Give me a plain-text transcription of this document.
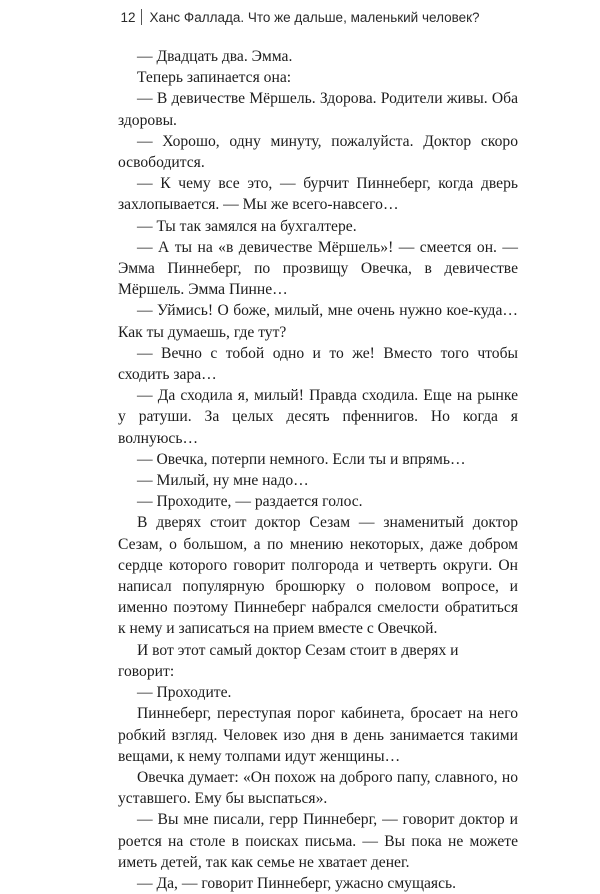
12 Ханс Фаллада. Что же дальше, маленький человек?

— Двадцать два. Эмма.

Теперь запинается она:

— В девичестве Мёршель. Здорова. Родители живы. Оба здоровы.

— Хорошо, одну минуту, пожалуйста. Доктор скоро освободится.

— К чему все это, — бурчит Пиннеберг, когда дверь захлопывается. — Мы же всего-навсего…

— Ты так замялся на бухгалтере.

— А ты на «в девичестве Мёршель»! — смеется он. — Эмма Пиннеберг, по прозвищу Овечка, в девичестве Мёршель. Эмма Пинне…

— Уймись! О боже, милый, мне очень нужно кое-куда… Как ты думаешь, где тут?

— Вечно с тобой одно и то же! Вместо того чтобы сходить зара…

— Да сходила я, милый! Правда сходила. Еще на рынке у ратуши. За целых десять пфеннигов. Но когда я волнуюсь…

— Овечка, потерпи немного. Если ты и впрямь…

— Милый, ну мне надо…

— Проходите, — раздается голос.

В дверях стоит доктор Сезам — знаменитый доктор Сезам, о большом, а по мнению некоторых, даже добром сердце которого говорит полгорода и четверть округи. Он написал популярную брошюрку о половом вопросе, и именно поэтому Пиннеберг набрался смелости обратиться к нему и записаться на прием вместе с Овечкой.

И вот этот самый доктор Сезам стоит в дверях и говорит:

— Проходите.

Пиннеберг, переступая порог кабинета, бросает на него робкий взгляд. Человек изо дня в день занимается такими вещами, к нему толпами идут женщины…

Овечка думает: «Он похож на доброго папу, славного, но уставшего. Ему бы выспаться».

— Вы мне писали, герр Пиннеберг, — говорит доктор и роется на столе в поисках письма. — Вы пока не можете иметь детей, так как семье не хватает денег.

— Да, — говорит Пиннеберг, ужасно смущаясь.
